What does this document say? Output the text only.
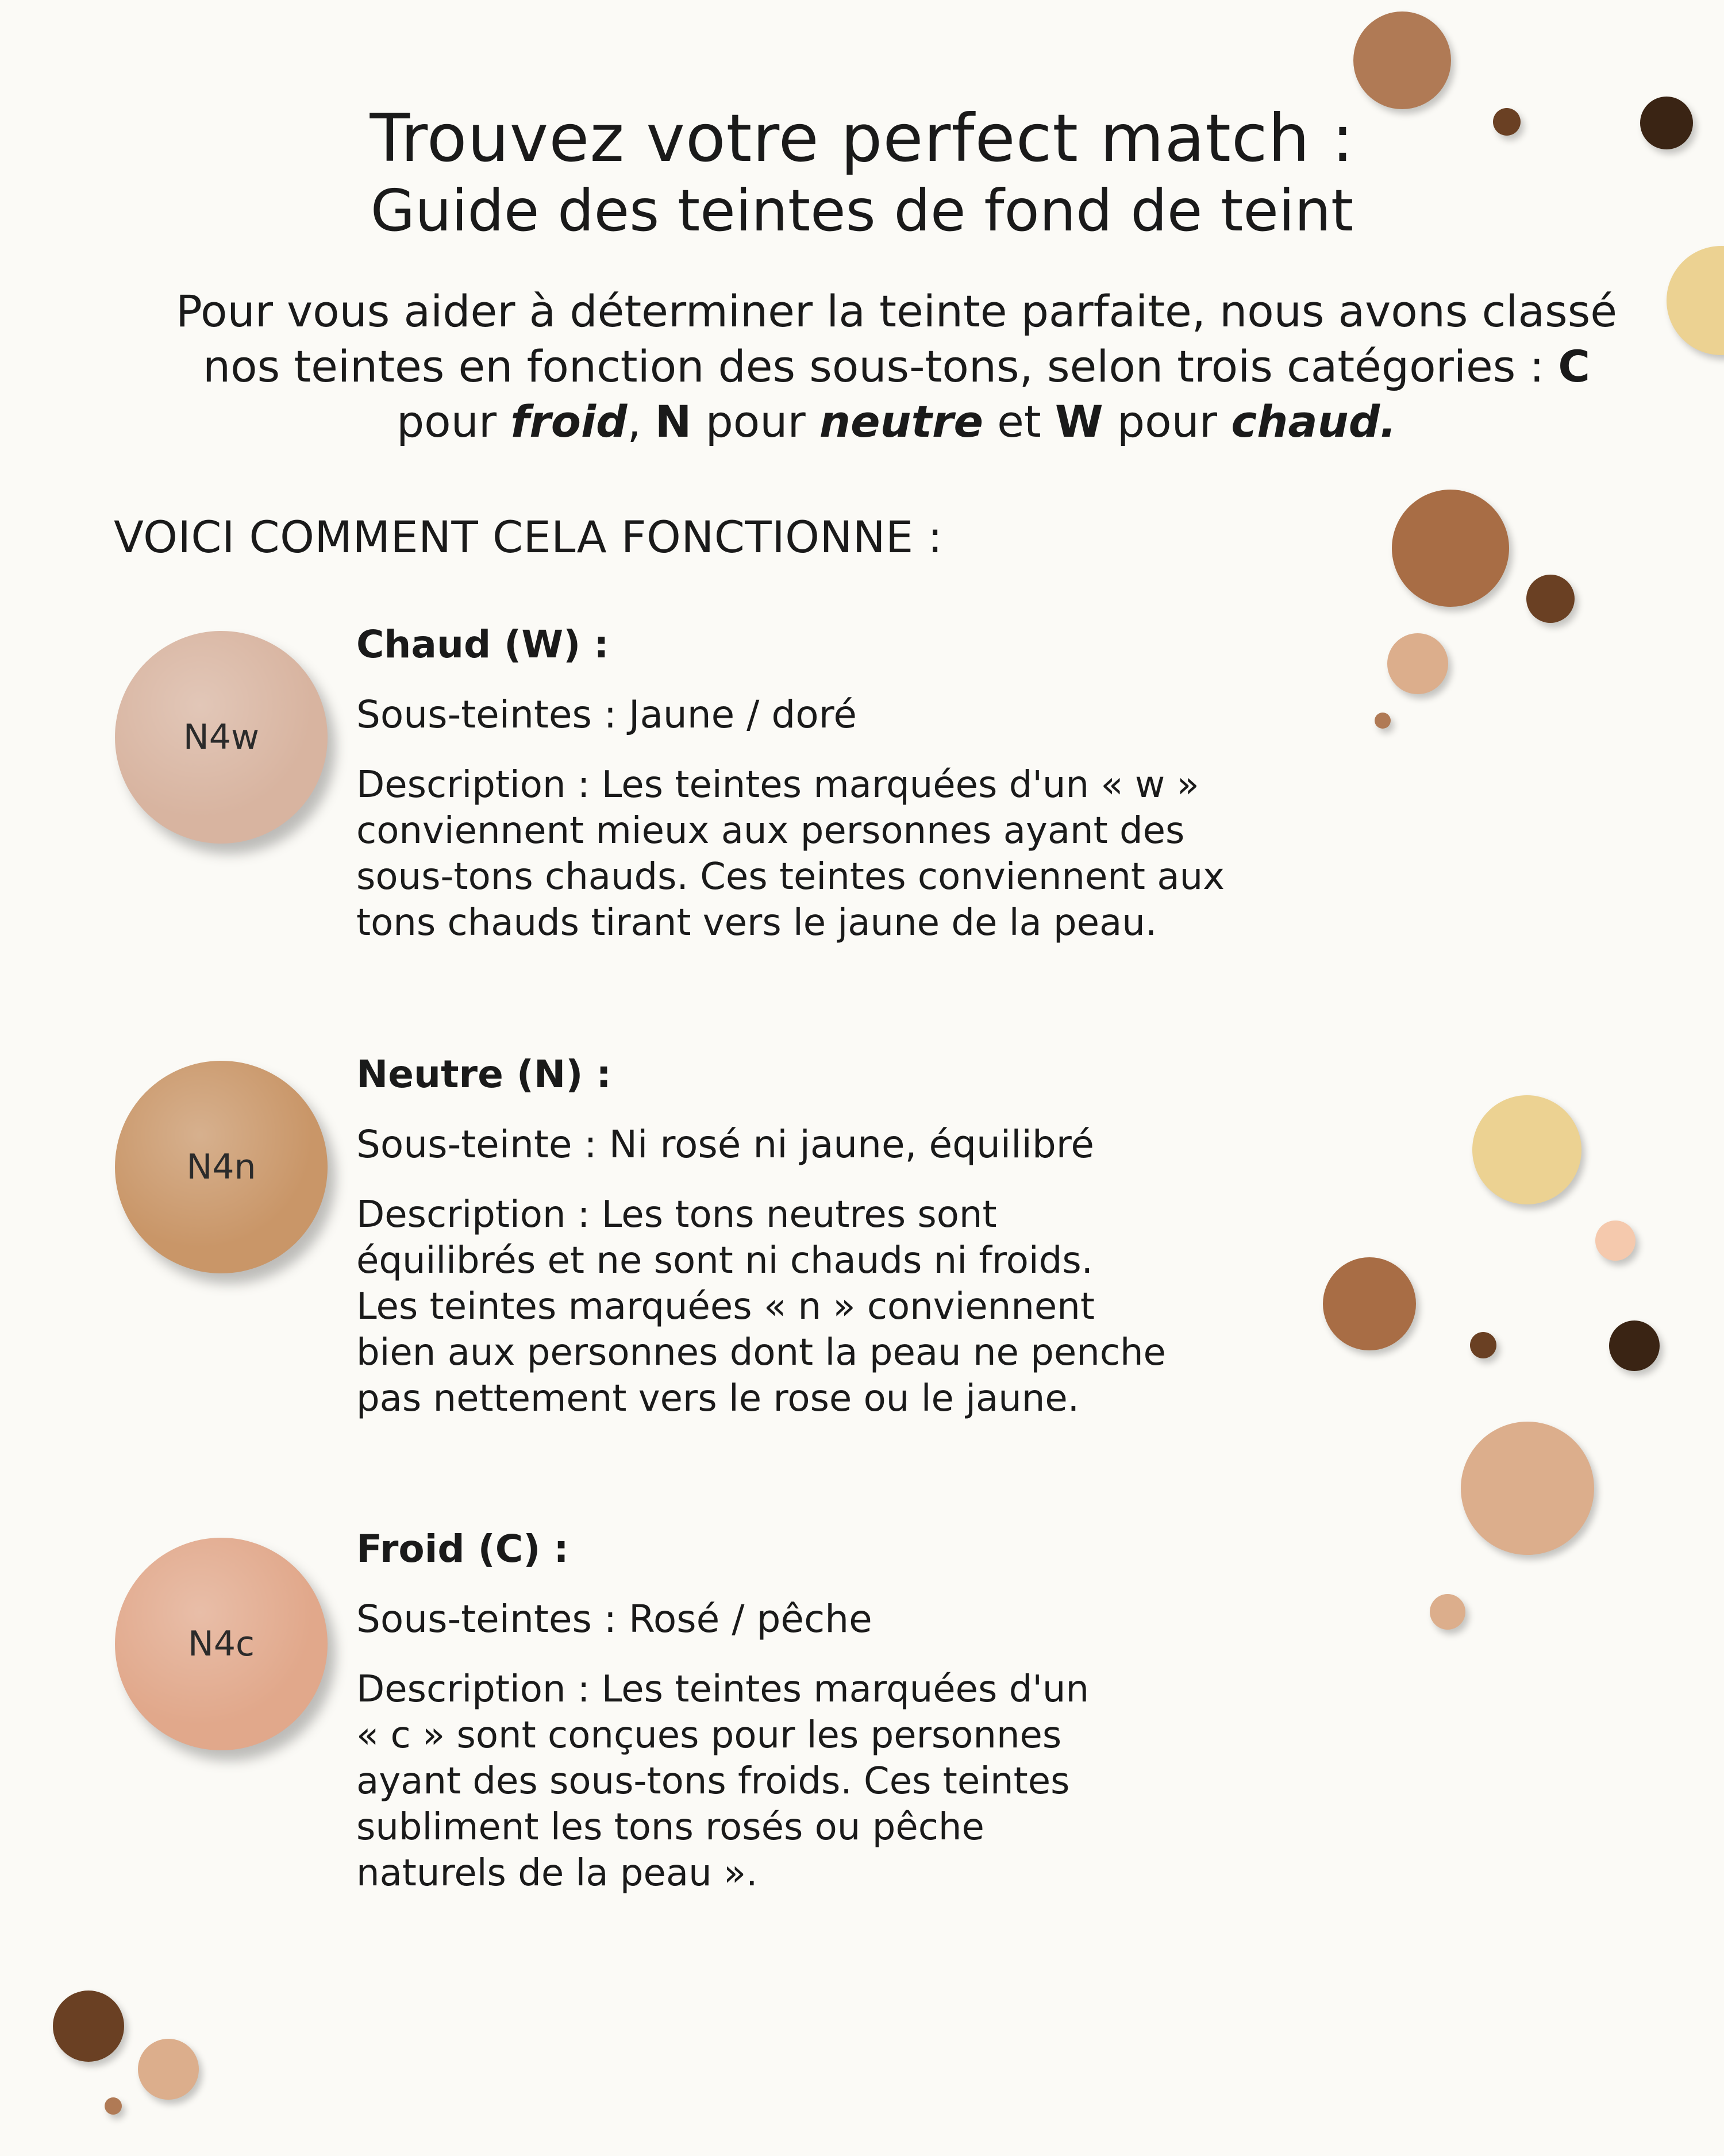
Trouvez votre perfect match :
Guide des teintes de fond de teint
Pour vous aider à déterminer la teinte parfaite, nous avons classé nos teintes en fonction des sous-tons, selon trois catégories : C pour froid, N pour neutre et W pour chaud.
VOICI COMMENT CELA FONCTIONNE :
N4w

Chaud (W) :

Sous-teintes : Jaune / doré

Description : Les teintes marquées d'un « w »
conviennent mieux aux personnes ayant des
sous-tons chauds. Ces teintes conviennent aux
tons chauds tirant vers le jaune de la peau.

N4n

Neutre (N) :

Sous-teinte : Ni rosé ni jaune, équilibré

Description : Les tons neutres sont
équilibrés et ne sont ni chauds ni froids.
Les teintes marquées « n » conviennent
bien aux personnes dont la peau ne penche
pas nettement vers le rose ou le jaune.

N4c

Froid (C) :

Sous-teintes : Rosé / pêche

Description : Les teintes marquées d'un
« c » sont conçues pour les personnes
ayant des sous-tons froids. Ces teintes
subliment les tons rosés ou pêche
naturels de la peau ».
